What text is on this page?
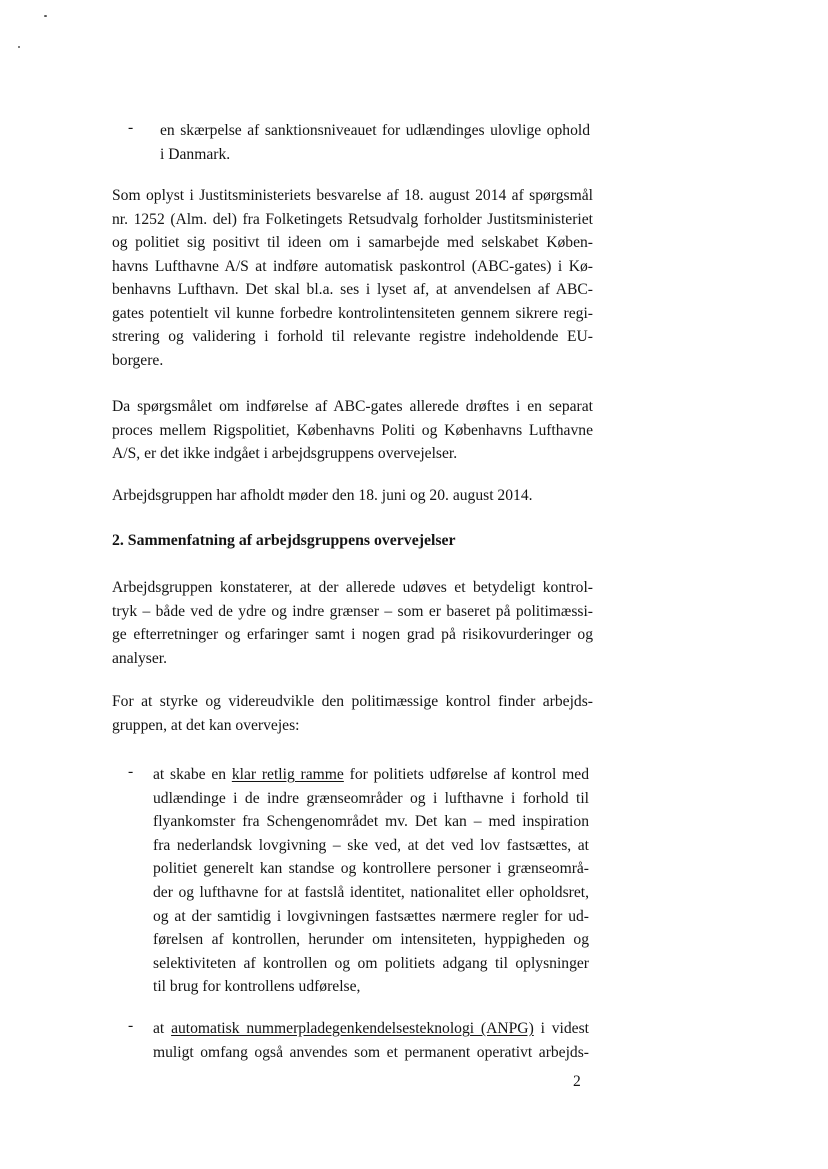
- en skærpelse af sanktionsniveauet for udlændinges ulovlige ophold
i Danmark.
Som oplyst i Justitsministeriets besvarelse af 18. august 2014 af spørgsmål
nr. 1252 (Alm. del) fra Folketingets Retsudvalg forholder Justitsministeriet
og politiet sig positivt til ideen om i samarbejde med selskabet Køben-
havns Lufthavne A/S at indføre automatisk paskontrol (ABC-gates) i Kø-
benhavns Lufthavn. Det skal bl.a. ses i lyset af, at anvendelsen af ABC-
gates potentielt vil kunne forbedre kontrolintensiteten gennem sikrere regi-
strering og validering i forhold til relevante registre indeholdende EU-
borgere.
Da spørgsmålet om indførelse af ABC-gates allerede drøftes i en separat
proces mellem Rigspolitiet, Københavns Politi og Københavns Lufthavne
A/S, er det ikke indgået i arbejdsgruppens overvejelser.
Arbejdsgruppen har afholdt møder den 18. juni og 20. august 2014.
2. Sammenfatning af arbejdsgruppens overvejelser
Arbejdsgruppen konstaterer, at der allerede udøves et betydeligt kontrol-
tryk – både ved de ydre og indre grænser – som er baseret på politimæssi-
ge efterretninger og erfaringer samt i nogen grad på risikovurderinger og
analyser.
For at styrke og videreudvikle den politimæssige kontrol finder arbejds-
gruppen, at det kan overvejes:
- at skabe en klar retlig ramme for politiets udførelse af kontrol med
udlændinge i de indre grænseområder og i lufthavne i forhold til
flyankomster fra Schengenområdet mv. Det kan – med inspiration
fra nederlandsk lovgivning – ske ved, at det ved lov fastsættes, at
politiet generelt kan standse og kontrollere personer i grænseområ-
der og lufthavne for at fastslå identitet, nationalitet eller opholdsret,
og at der samtidig i lovgivningen fastsættes nærmere regler for ud-
førelsen af kontrollen, herunder om intensiteten, hyppigheden og
selektiviteten af kontrollen og om politiets adgang til oplysninger
til brug for kontrollens udførelse,
- at automatisk nummerpladegenkendelsesteknologi (ANPG) i videst
muligt omfang også anvendes som et permanent operativt arbejds-
2
